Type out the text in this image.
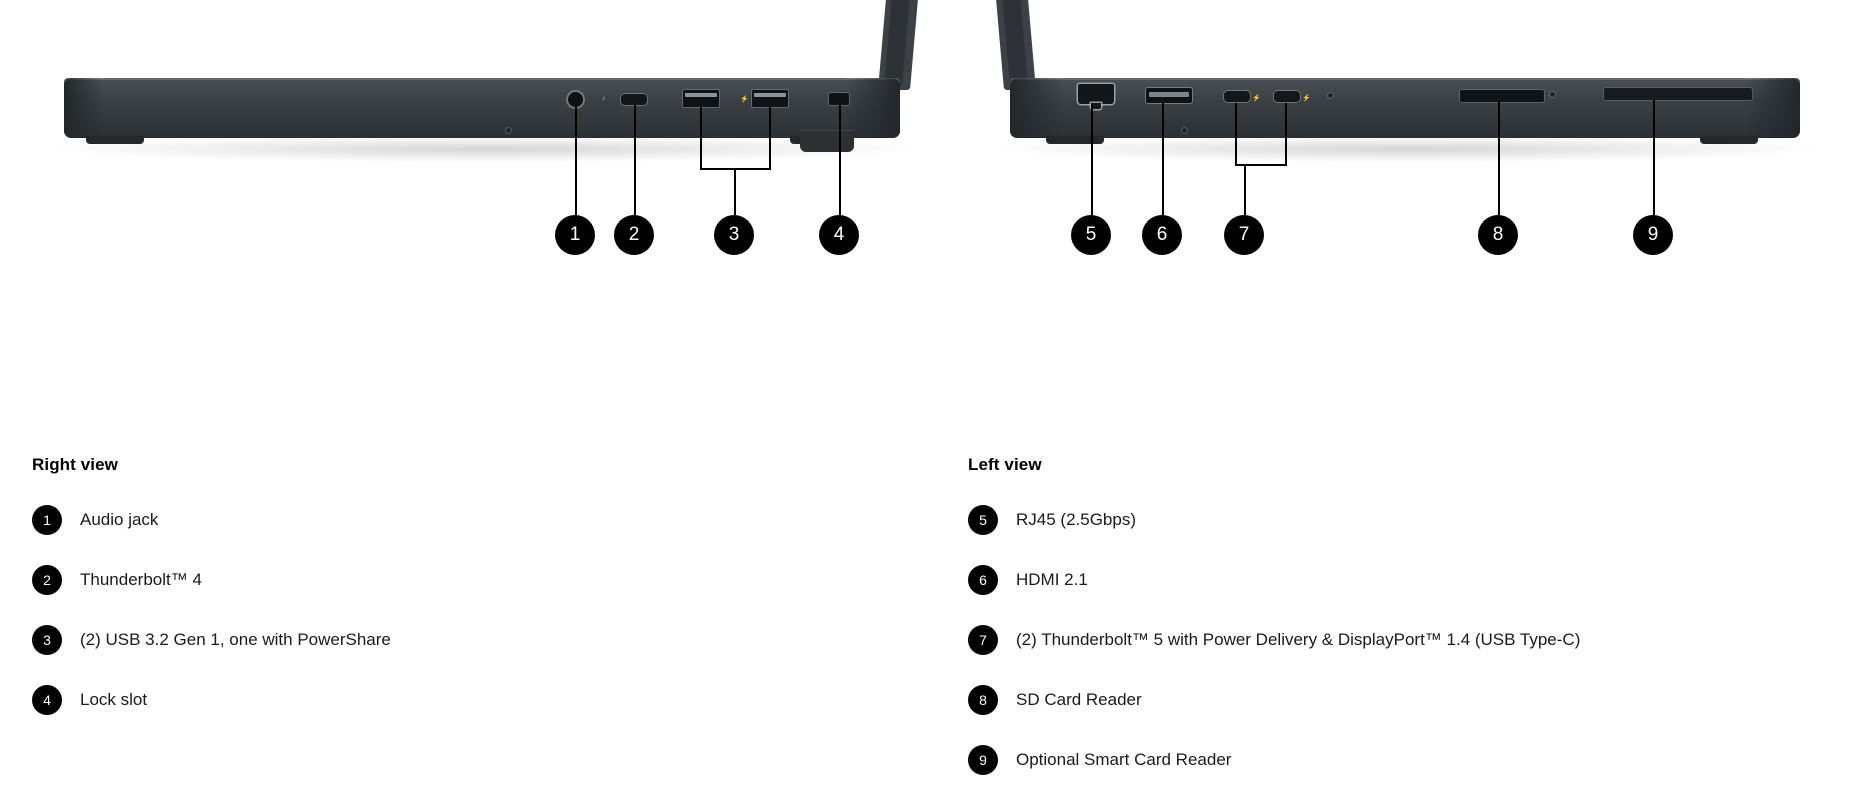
♪	⚡
1	2	3	4
⚡	⚡
5	6	7	8	9
Right view
1	Audio jack
2	Thunderbolt™ 4
3	(2) USB 3.2 Gen 1, one with PowerShare
4	Lock slot
Left view
5	RJ45 (2.5Gbps)
6	HDMI 2.1
7	(2) Thunderbolt™ 5 with Power Delivery & DisplayPort™ 1.4 (USB Type-C)
8	SD Card Reader
9	Optional Smart Card Reader
